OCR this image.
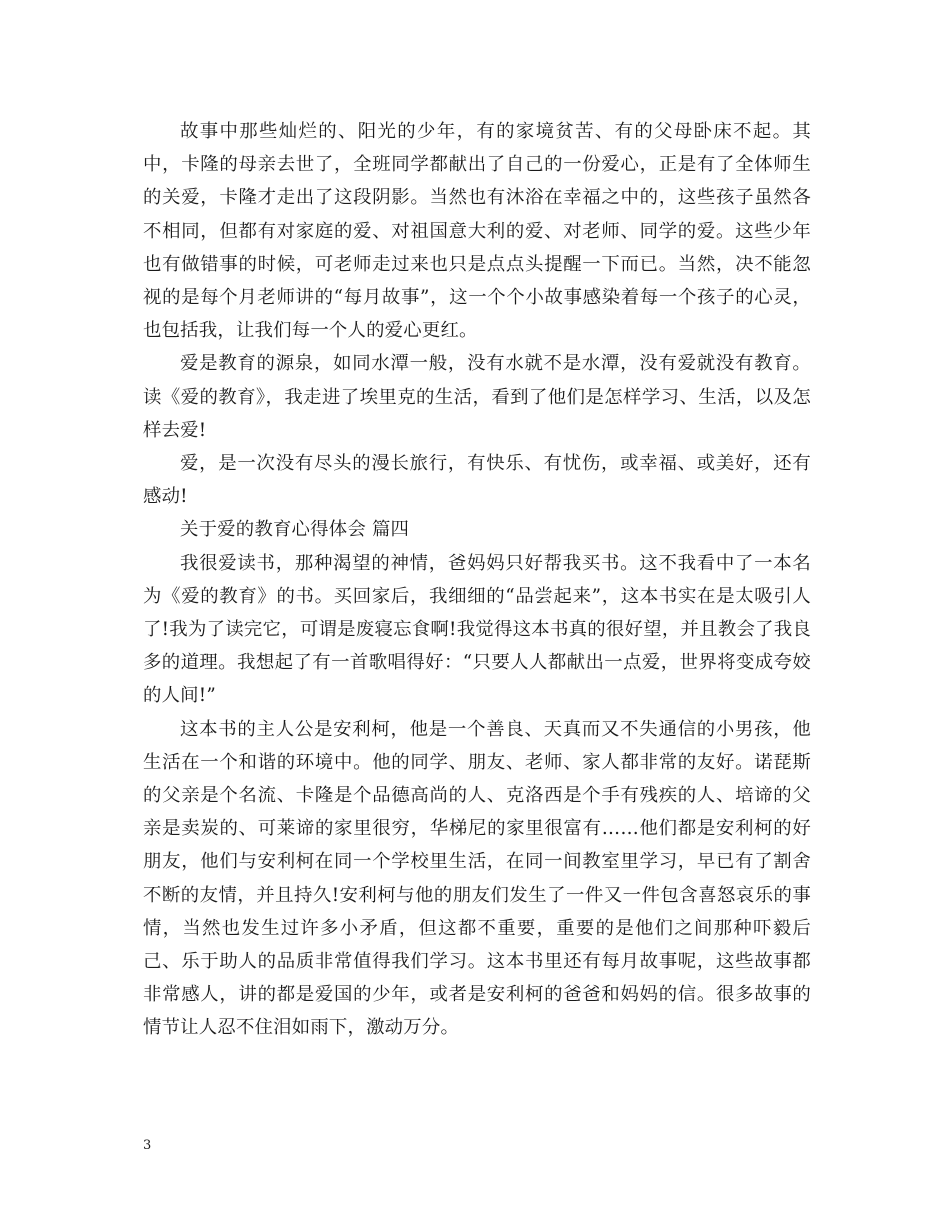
故事中那些灿烂的、阳光的少年，有的家境贫苦、有的父母卧床不起。其中，卡隆的母亲去世了，全班同学都献出了自己的一份爱心，正是有了全体师生的关爱，卡隆才走出了这段阴影。当然也有沐浴在幸福之中的，这些孩子虽然各不相同，但都有对家庭的爱、对祖国意大利的爱、对老师、同学的爱。这些少年也有做错事的时候，可老师走过来也只是点点头提醒一下而已。当然，决不能忽视的是每个月老师讲的“每月故事”，这一个个小故事感染着每一个孩子的心灵，也包括我，让我们每一个人的爱心更红。

爱是教育的源泉，如同水潭一般，没有水就不是水潭，没有爱就没有教育。读《爱的教育》，我走进了埃里克的生活，看到了他们是怎样学习、生活，以及怎样去爱!

爱，是一次没有尽头的漫长旅行，有快乐、有忧伤，或幸福、或美好，还有感动!

关于爱的教育心得体会 篇四

我很爱读书，那种渴望的神情，爸妈妈只好帮我买书。这不我看中了一本名为《爱的教育》的书。买回家后，我细细的“品尝起来”，这本书实在是太吸引人了!我为了读完它，可谓是废寝忘食啊!我觉得这本书真的很好望，并且教会了我良多的道理。我想起了有一首歌唱得好：“只要人人都献出一点爱，世界将变成夸姣的人间!”

这本书的主人公是安利柯，他是一个善良、天真而又不失通信的小男孩，他生活在一个和谐的环境中。他的同学、朋友、老师、家人都非常的友好。诺琵斯的父亲是个名流、卡隆是个品德高尚的人、克洛西是个手有残疾的人、培谛的父亲是卖炭的、可莱谛的家里很穷，华梯尼的家里很富有……他们都是安利柯的好朋友，他们与安利柯在同一个学校里生活，在同一间教室里学习，早已有了割舍不断的友情，并且持久!安利柯与他的朋友们发生了一件又一件包含喜怒哀乐的事情，当然也发生过许多小矛盾，但这都不重要，重要的是他们之间那种吓毅后己、乐于助人的品质非常值得我们学习。这本书里还有每月故事呢，这些故事都非常感人，讲的都是爱国的少年，或者是安利柯的爸爸和妈妈的信。很多故事的情节让人忍不住泪如雨下，激动万分。

3
